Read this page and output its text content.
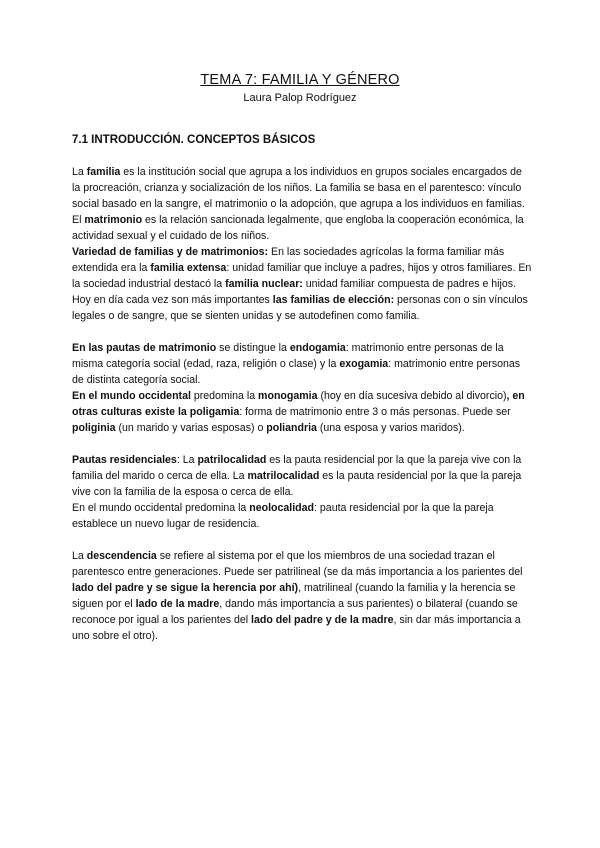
TEMA 7: FAMILIA Y GÉNERO
Laura Palop Rodríguez
7.1 INTRODUCCIÓN. CONCEPTOS BÁSICOS

La familia es la institución social que agrupa a los individuos en grupos sociales encargados de la procreación, crianza y socialización de los niños. La familia se basa en el parentesco: vínculo social basado en la sangre, el matrimonio o la adopción, que agrupa a los individuos en familias.

El matrimonio es la relación sancionada legalmente, que engloba la cooperación económica, la actividad sexual y el cuidado de los niños.

Variedad de familias y de matrimonios: En las sociedades agrícolas la forma familiar más extendida era la familia extensa: unidad familiar que incluye a padres, hijos y otros familiares. En la sociedad industrial destacó la familia nuclear: unidad familiar compuesta de padres e hijos. Hoy en día cada vez son más importantes las familias de elección: personas con o sin vínculos legales o de sangre, que se sienten unidas y se autodefinen como familia.

En las pautas de matrimonio se distingue la endogamia: matrimonio entre personas de la misma categoría social (edad, raza, religión o clase) y la exogamia: matrimonio entre personas de distinta categoría social.

En el mundo occidental predomina la monogamia (hoy en día sucesiva debido al divorcio), en otras culturas existe la poligamia: forma de matrimonio entre 3 o más personas. Puede ser poliginia (un marido y varias esposas) o poliandria (una esposa y varios maridos).

Pautas residenciales: La patrilocalidad es la pauta residencial por la que la pareja vive con la familia del marido o cerca de ella. La matrilocalidad es la pauta residencial por la que la pareja vive con la familia de la esposa o cerca de ella.

En el mundo occidental predomina la neolocalidad: pauta residencial por la que la pareja establece un nuevo lugar de residencia.

La descendencia se refiere al sistema por el que los miembros de una sociedad trazan el parentesco entre generaciones. Puede ser patrilineal (se da más importancia a los parientes del lado del padre y se sigue la herencia por ahí), matrilineal (cuando la familia y la herencia se siguen por el lado de la madre, dando más importancia a sus parientes) o bilateral (cuando se reconoce por igual a los parientes del lado del padre y de la madre, sin dar más importancia a uno sobre el otro).
